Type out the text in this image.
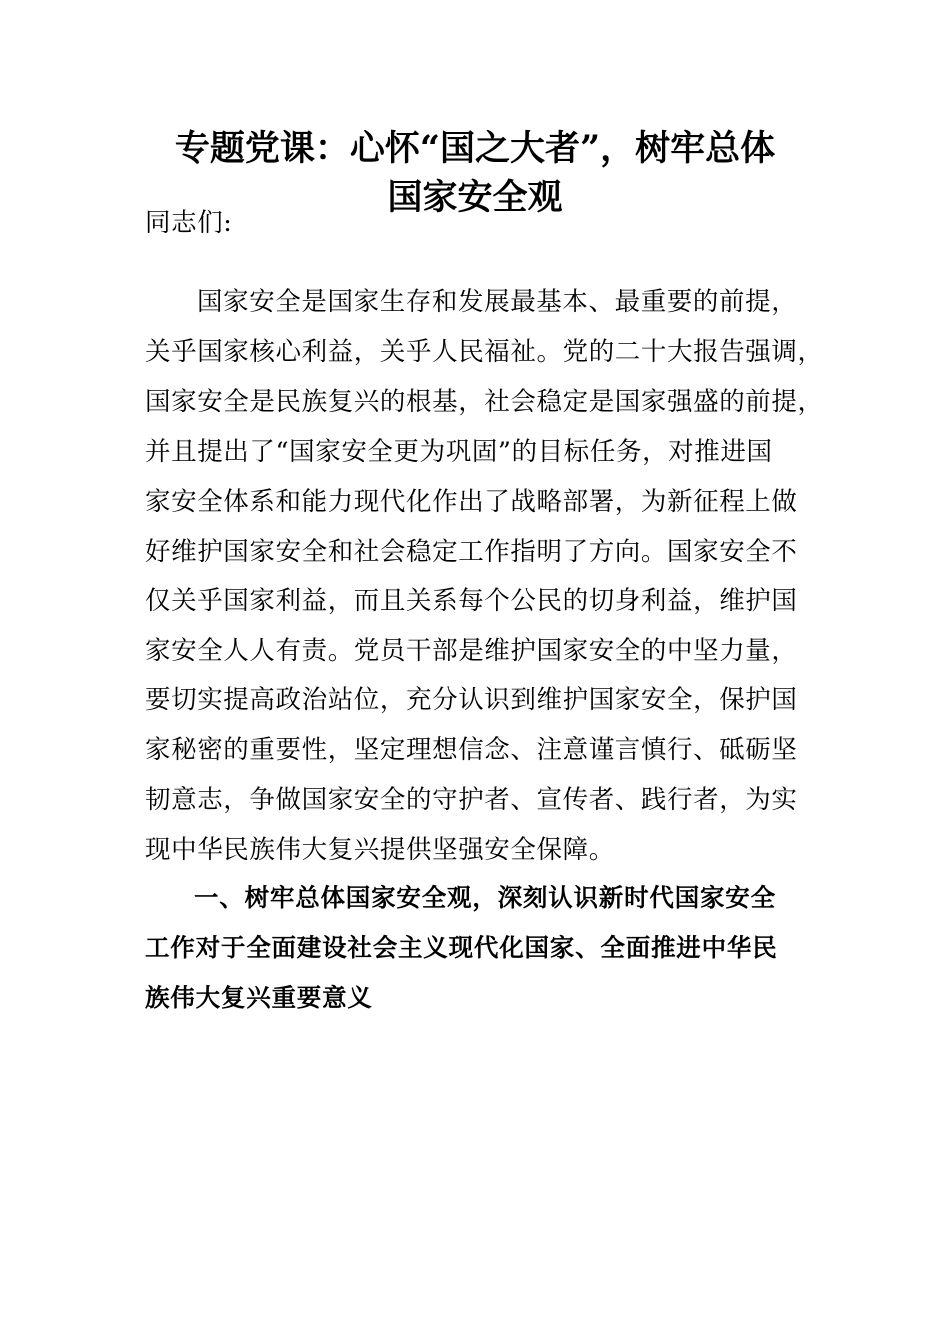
专题党课：心怀“国之大者”，树牢总体
国家安全观
同志们:
国家安全是国家生存和发展最基本、最重要的前提，
关乎国家核心利益，关乎人民福祉。党的二十大报告强调，
国家安全是民族复兴的根基，社会稳定是国家强盛的前提，
并且提出了“国家安全更为巩固”的目标任务，对推进国
家安全体系和能力现代化作出了战略部署，为新征程上做
好维护国家安全和社会稳定工作指明了方向。国家安全不
仅关乎国家利益，而且关系每个公民的切身利益，维护国
家安全人人有责。党员干部是维护国家安全的中坚力量，
要切实提高政治站位，充分认识到维护国家安全，保护国
家秘密的重要性，坚定理想信念、注意谨言慎行、砥砺坚
韧意志，争做国家安全的守护者、宣传者、践行者，为实
现中华民族伟大复兴提供坚强安全保障。
一、树牢总体国家安全观，深刻认识新时代国家安全
工作对于全面建设社会主义现代化国家、全面推进中华民
族伟大复兴重要意义
